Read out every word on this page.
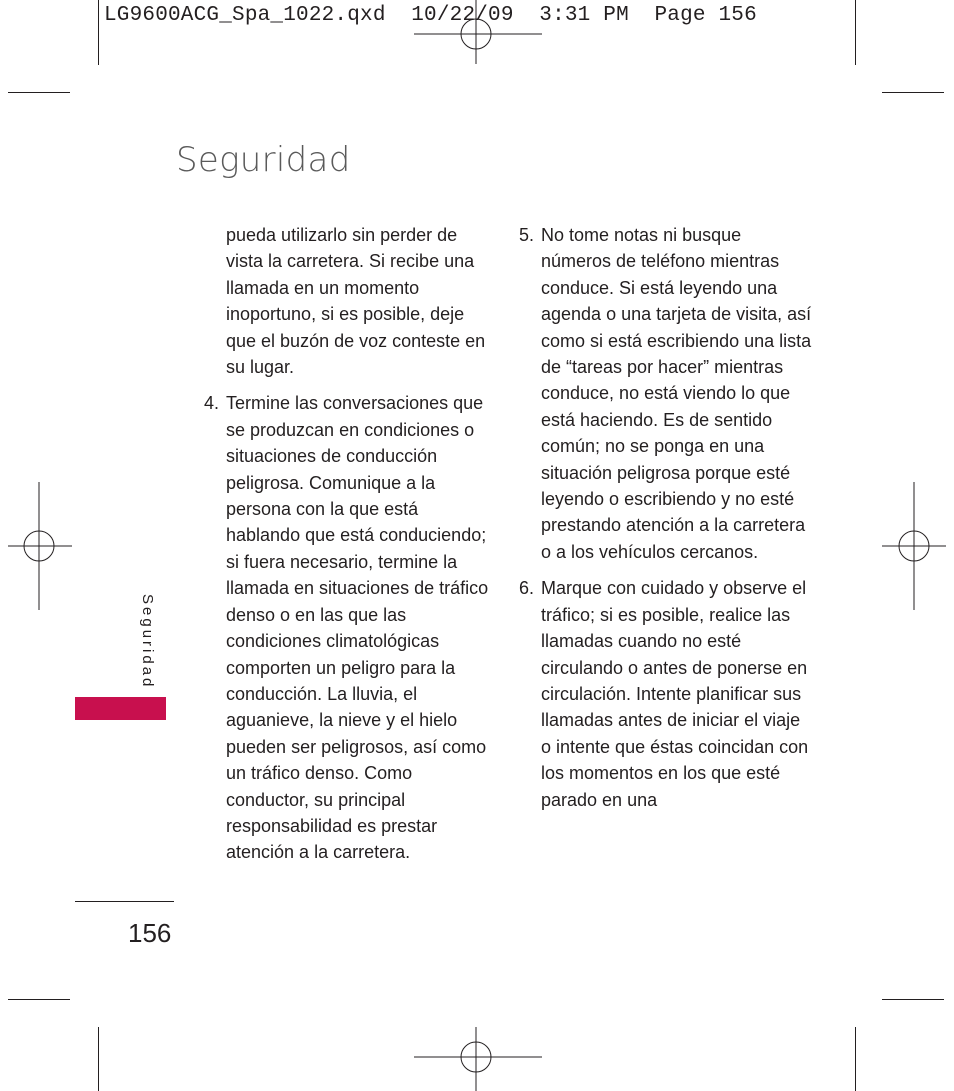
LG9600ACG_Spa_1022.qxd  10/22/09  3:31 PM  Page 156
Seguridad

pueda utilizarlo sin perder de vista la carretera. Si recibe una llamada en un momento inoportuno, si es posible, deje que el buzón de voz conteste en su lugar.

4. Termine las conversaciones que se produzcan en condiciones o situaciones de conducción peligrosa. Comunique a la persona con la que está hablando que está conduciendo; si fuera necesario, termine la llamada en situaciones de tráfico denso o en las que las condiciones climatológicas comporten un peligro para la conducción. La lluvia, el aguanieve, la nieve y el hielo pueden ser peligrosos, así como un tráfico denso. Como conductor, su principal responsabilidad es prestar atención a la carretera.
5. No tome notas ni busque números de teléfono mientras conduce. Si está leyendo una agenda o una tarjeta de visita, así como si está escribiendo una lista de “tareas por hacer” mientras conduce, no está viendo lo que está haciendo. Es de sentido común; no se ponga en una situación peligrosa porque esté leyendo o escribiendo y no esté prestando atención a la carretera o a los vehículos cercanos.
6. Marque con cuidado y observe el tráfico; si es posible, realice las llamadas cuando no esté circulando o antes de ponerse en circulación. Intente planificar sus llamadas antes de iniciar el viaje o intente que éstas coincidan con los momentos en los que esté parado en una
Seguridad
156
